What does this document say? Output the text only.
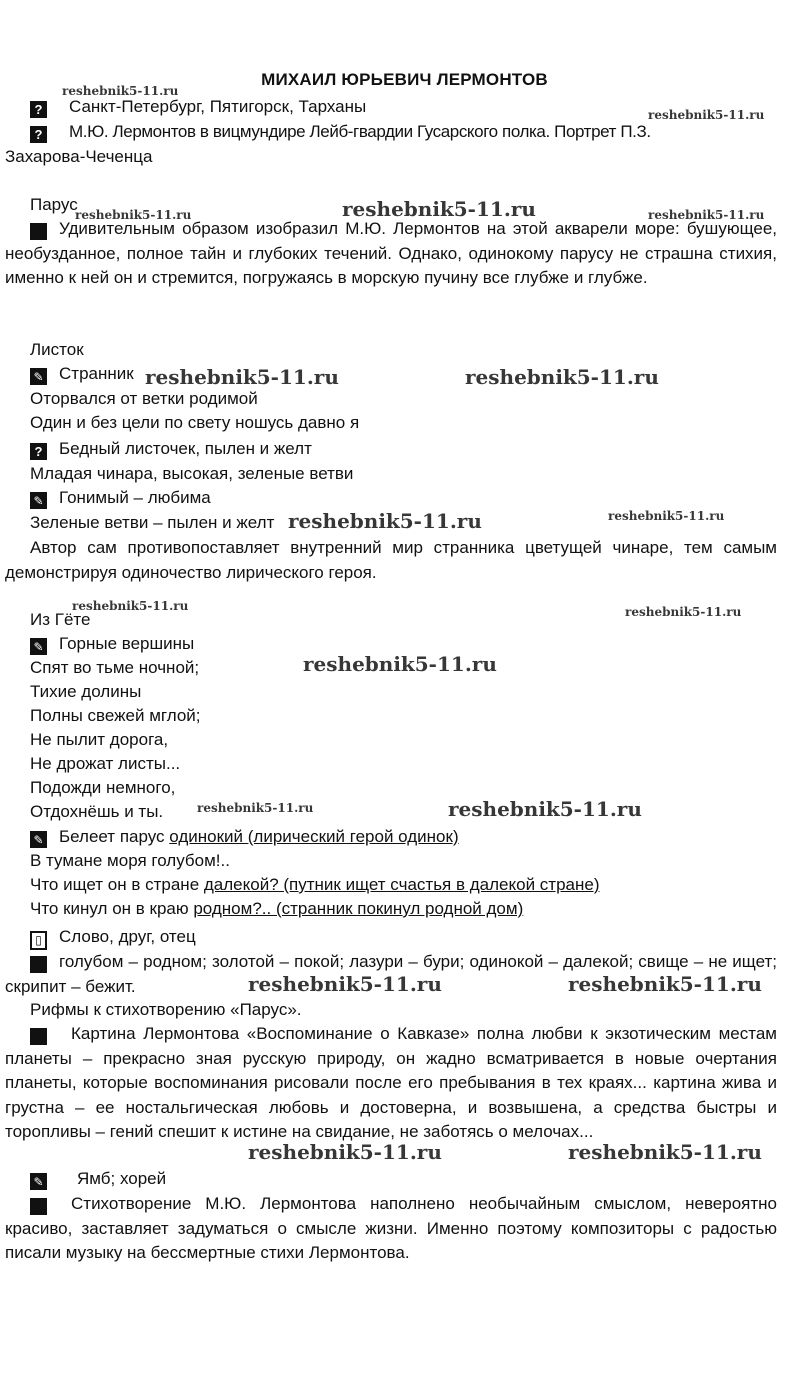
МИХАИЛ ЮРЬЕВИЧ ЛЕРМОНТОВ
?Санкт-Петербург, Пятигорск, Тарханы
?М.Ю. Лермонтов в вицмундире Лейб-гвардии Гусарского полка. Портрет П.З.
Захарова-Чеченца
Парус
✎Удивительным образом изобразил М.Ю. Лермонтов на этой акварели море: бушующее, необузданное, полное тайн и глубоких течений. Однако, одинокому парусу не страшна стихия, именно к ней он и стремится, погружаясь в морскую пучину все глубже и глубже.
Листок
✎Странник
Оторвался от ветки родимой
Один и без цели по свету ношусь давно я
?Бедный листочек, пылен и желт
Младая чинара, высокая, зеленые ветви
✎Гонимый – любима
Зеленые ветви – пылен и желт
Автор сам противопоставляет внутренний мир странника цветущей чинаре, тем самым демонстрируя одиночество лирического героя.
Из Гёте
✎Горные вершины
Спят во тьме ночной;
Тихие долины
Полны свежей мглой;
Не пылит дорога,
Не дрожат листы...
Подожди немного,
Отдохнёшь и ты.
✎Белеет парус одинокий (лирический герой одинок)
В тумане моря голубом!..
Что ищет он в стране далекой? (путник ищет счастья в далекой стране)
Что кинул он в краю родном?.. (странник покинул родной дом)
▯Слово, друг, отец
✎голубом – родном; золотой – покой; лазури – бури; одинокой – далекой; свище – не ищет; скрипит – бежит.
Рифмы к стихотворению «Парус».
✎Картина Лермонтова «Воспоминание о Кавказе» полна любви к экзотическим местам планеты – прекрасно зная русскую природу, он жадно всматривается в новые очертания планеты, которые воспоминания рисовали после его пребывания в тех краях... картина жива и грустна – ее ностальгическая любовь и достоверна, и возвышена, а средства быстры и торопливы – гений спешит к истине на свидание, не заботясь о мелочах...
✎Ямб; хорей
✎Стихотворение М.Ю. Лермонтова наполнено необычайным смыслом, невероятно красиво, заставляет задуматься о смысле жизни. Именно поэтому композиторы с радостью писали музыку на бессмертные стихи Лермонтова.
reshebnik5-11.ru
reshebnik5-11.ru
reshebnik5-11.ru	reshebnik5-11.ru	reshebnik5-11.ru
reshebnik5-11.ru	reshebnik5-11.ru
reshebnik5-11.ru	reshebnik5-11.ru
reshebnik5-11.ru	reshebnik5-11.ru
reshebnik5-11.ru
reshebnik5-11.ru	reshebnik5-11.ru
reshebnik5-11.ru	reshebnik5-11.ru
reshebnik5-11.ru	reshebnik5-11.ru
